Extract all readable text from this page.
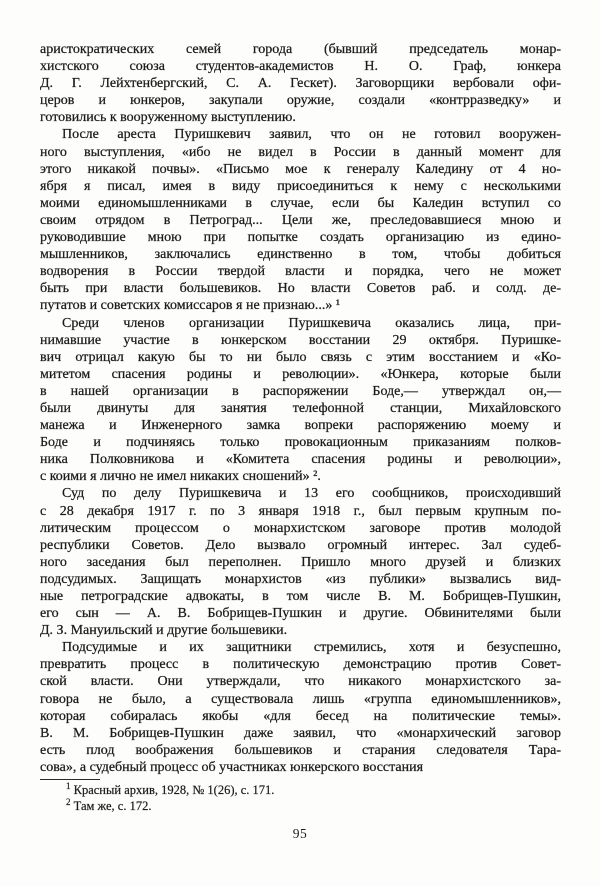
аристократических семей города (бывший председатель монар-
хистского союза студентов-академистов Н. О. Граф, юнкера
Д. Г. Лейхтенбергский, С. А. Гескет). Заговорщики вербовали офи-
церов и юнкеров, закупали оружие, создали «контрразведку» и
готовились к вооруженному выступлению.
После ареста Пуришкевич заявил, что он не готовил вооружен-
ного выступления, «ибо не видел в России в данный момент для
этого никакой почвы». «Письмо мое к генералу Каледину от 4 но-
ября я писал, имея в виду присоединиться к нему с несколькими
моими единомышленниками в случае, если бы Каледин вступил со
своим отрядом в Петроград... Цели же, преследовавшиеся мною и
руководившие мною при попытке создать организацию из едино-
мышленников, заключались единственно в том, чтобы добиться
водворения в России твердой власти и порядка, чего не может
быть при власти большевиков. Но власти Советов раб. и солд. де-
путатов и советских комиссаров я не признаю...» ¹
Среди членов организации Пуришкевича оказались лица, при-
нимавшие участие в юнкерском восстании 29 октября. Пуришке-
вич отрицал какую бы то ни было связь с этим восстанием и «Ко-
митетом спасения родины и революции». «Юнкера, которые были
в нашей организации в распоряжении Боде,— утверждал он,—
были двинуты для занятия телефонной станции, Михайловского
манежа и Инженерного замка вопреки распоряжению моему и
Боде и подчиняясь только провокационным приказаниям полков-
ника Полковникова и «Комитета спасения родины и революции»,
с коими я лично не имел никаких сношений» ².
Суд по делу Пуришкевича и 13 его сообщников, происходивший
с 28 декабря 1917 г. по 3 января 1918 г., был первым крупным по-
литическим процессом о монархистском заговоре против молодой
республики Советов. Дело вызвало огромный интерес. Зал судеб-
ного заседания был переполнен. Пришло много друзей и близких
подсудимых. Защищать монархистов «из публики» вызвались вид-
ные петроградские адвокаты, в том числе В. М. Бобрищев-Пушкин,
его сын — А. В. Бобрищев-Пушкин и другие. Обвинителями были
Д. З. Мануильский и другие большевики.
Подсудимые и их защитники стремились, хотя и безуспешно,
превратить процесс в политическую демонстрацию против Совет-
ской власти. Они утверждали, что никакого монархистского за-
говора не было, а существовала лишь «группа единомышленников»,
которая собиралась якобы «для бесед на политические темы».
В. М. Бобрищев-Пушкин даже заявил, что «монархический заговор
есть плод воображения большевиков и старания следователя Тара-
сова», а судебный процесс об участниках юнкерского восстания
$^1$ Красный архив, 1928, № 1(26), с. 171.
$^2$ Там же, с. 172.
95
